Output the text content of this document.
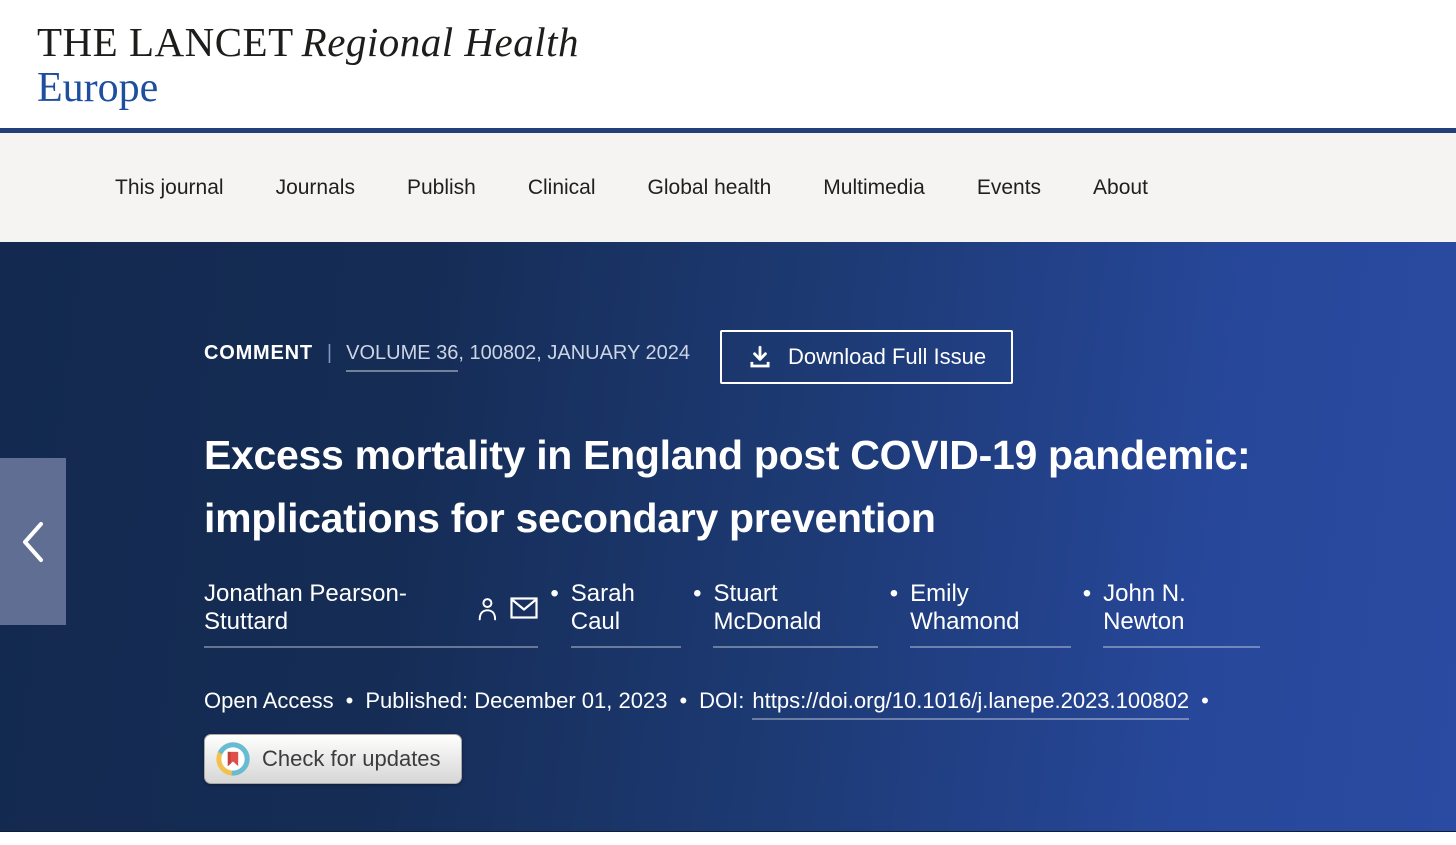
THE LANCET Regional Health
Europe
This journal Journals Publish Clinical Global health Multimedia Events About
COMMENT | VOLUME 36 , 100802, JANUARY 2024	Download Full Issue
Excess mortality in England post COVID-19 pandemic:
implications for secondary prevention
Jonathan Pearson-Stuttard
• Sarah Caul
• Stuart McDonald
• Emily Whamond
• John N. Newton
Open Access • Published: December 01, 2023 • DOI: https://doi.org/10.1016/j.lanepe.2023.100802 •
Check for updates
